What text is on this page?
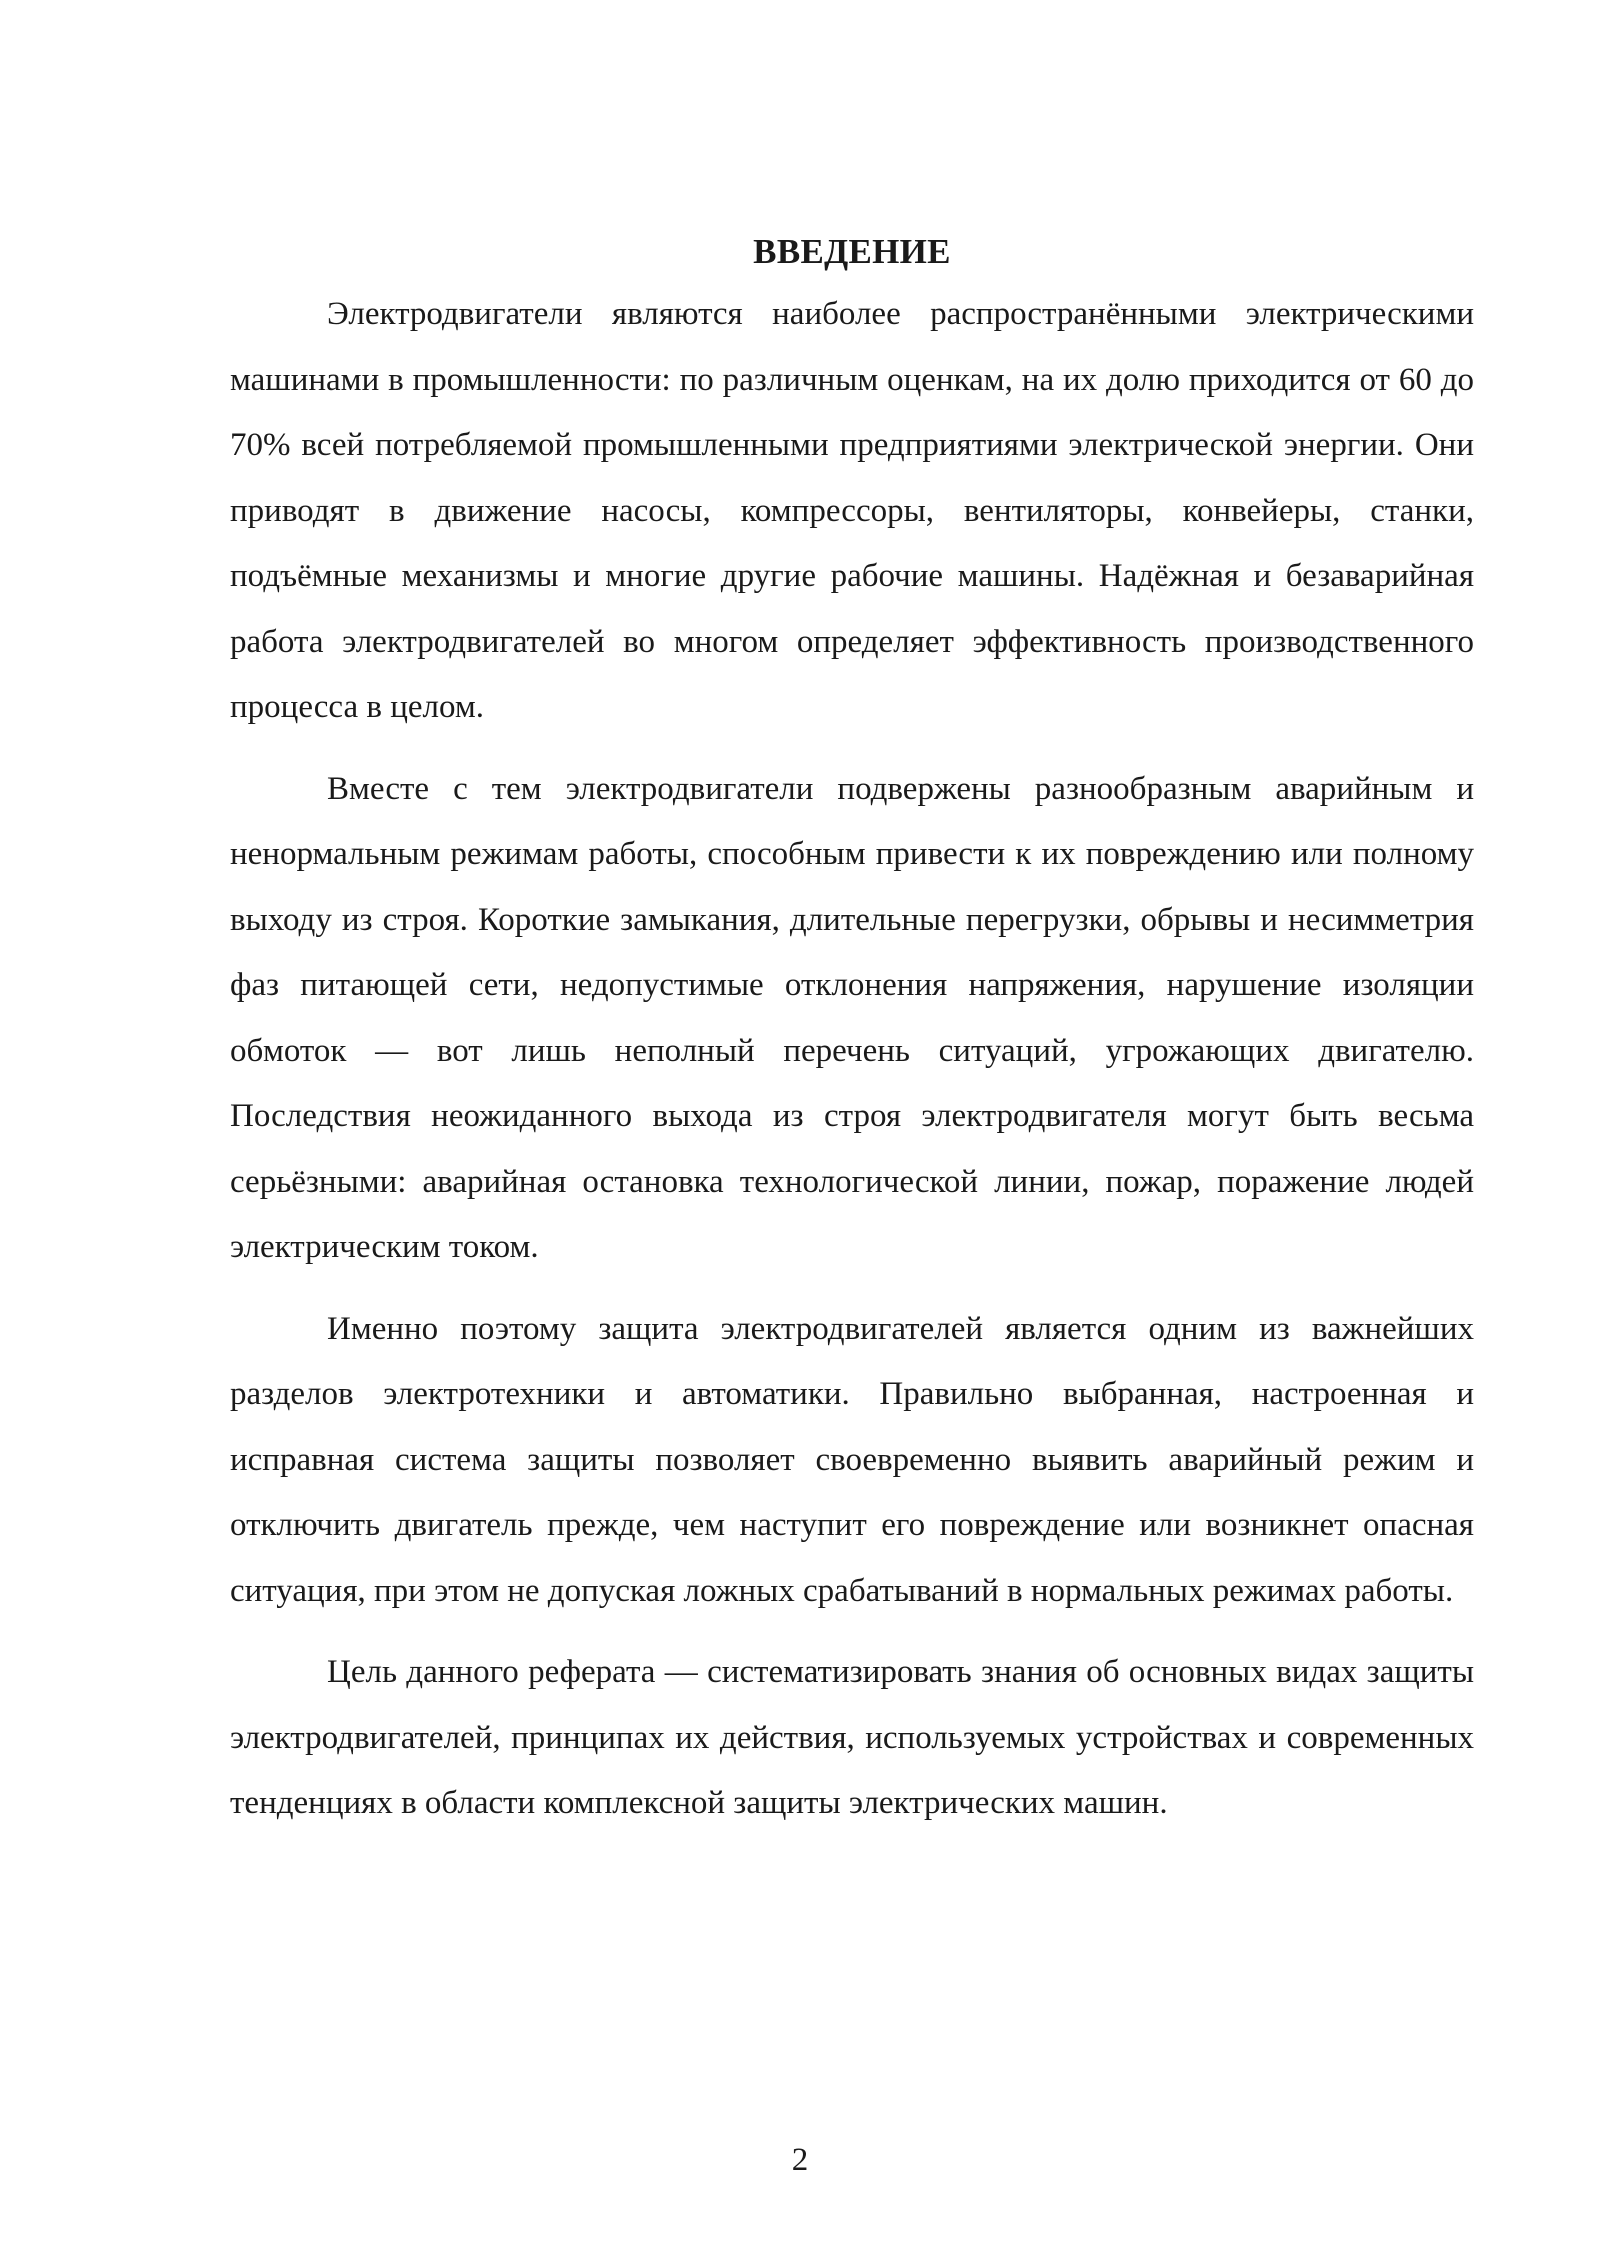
ВВЕДЕНИЕ

Электродвигатели являются наиболее распространёнными электрическими машинами в промышленности: по различным оценкам, на их долю приходится от 60 до 70% всей потребляемой промышленными предприятиями электрической энергии. Они приводят в движение насосы, компрессоры, вентиляторы, конвейеры, станки, подъёмные механизмы и многие другие рабочие машины. Надёжная и безаварийная работа электродвигателей во многом определяет эффективность производственного процесса в целом.

Вместе с тем электродвигатели подвержены разнообразным аварийным и ненормальным режимам работы, способным привести к их повреждению или полному выходу из строя. Короткие замыкания, длительные перегрузки, обрывы и несимметрия фаз питающей сети, недопустимые отклонения напряжения, нарушение изоляции обмоток — вот лишь неполный перечень ситуаций, угрожающих двигателю. Последствия неожиданного выхода из строя электродвигателя могут быть весьма серьёзными: аварийная остановка технологической линии, пожар, поражение людей электрическим током.

Именно поэтому защита электродвигателей является одним из важнейших разделов электротехники и автоматики. Правильно выбранная, настроенная и исправная система защиты позволяет своевременно выявить аварийный режим и отключить двигатель прежде, чем наступит его повреждение или возникнет опасная ситуация, при этом не допуская ложных срабатываний в нормальных режимах работы.

Цель данного реферата — систематизировать знания об основных видах защиты электродвигателей, принципах их действия, используемых устройствах и современных тенденциях в области комплексной защиты электрических машин.

2
